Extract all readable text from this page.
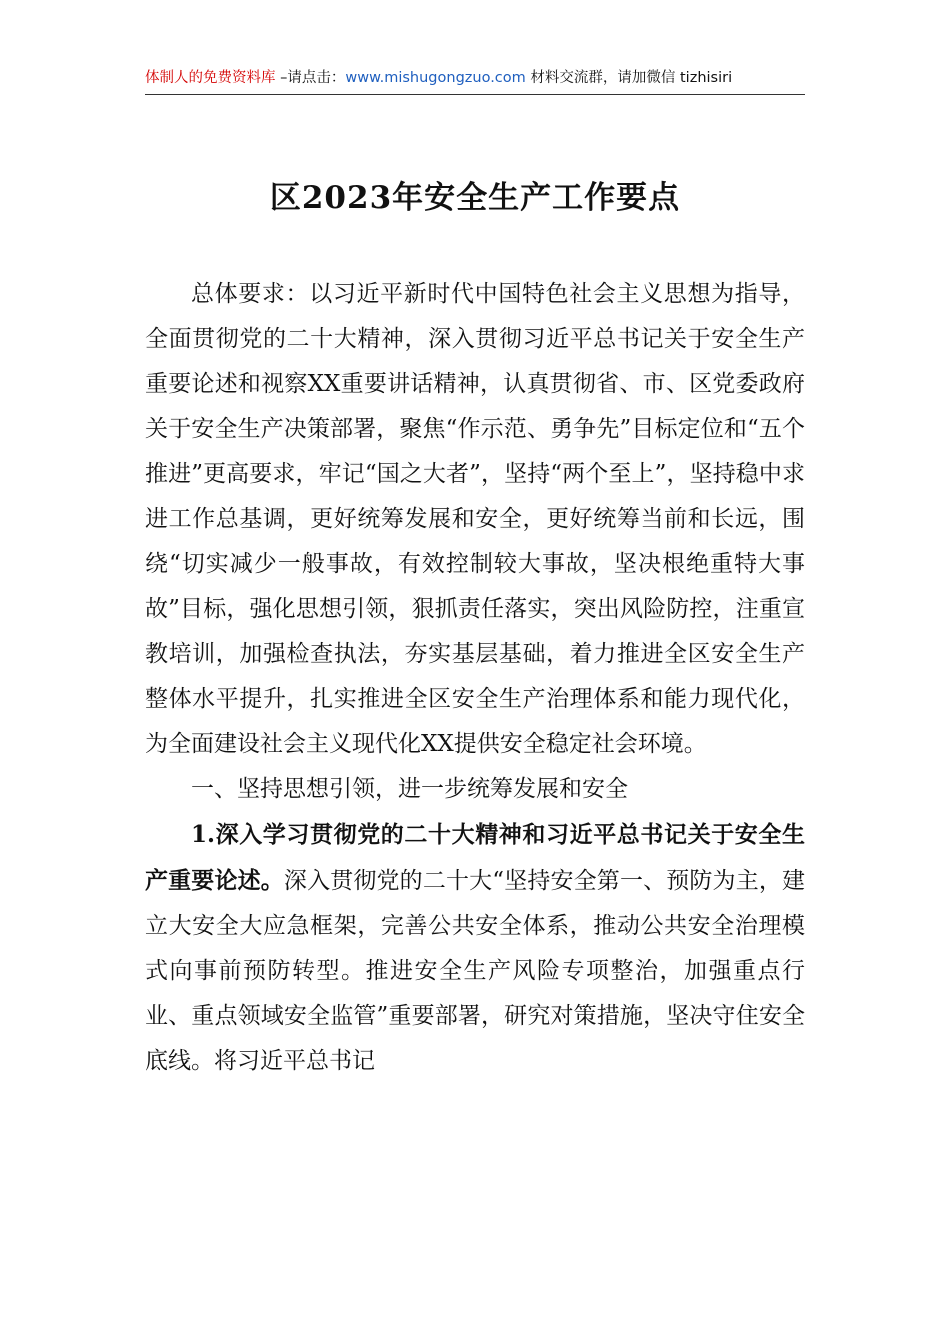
体制人的免费资料库 –请点击：www.mishugongzuo.com 材料交流群，请加微信 tizhisiri
区2023年安全生产工作要点

总体要求：以习近平新时代中国特色社会主义思想为指导，全面贯彻党的二十大精神，深入贯彻习近平总书记关于安全生产重要论述和视察XX重要讲话精神，认真贯彻省、市、区党委政府关于安全生产决策部署，聚焦“作示范、勇争先”目标定位和“五个推进”更高要求，牢记“国之大者”，坚持“两个至上”，坚持稳中求进工作总基调，更好统筹发展和安全，更好统筹当前和长远，围绕“切实减少一般事故，有效控制较大事故，坚决根绝重特大事故”目标，强化思想引领，狠抓责任落实，突出风险防控，注重宣教培训，加强检查执法，夯实基层基础，着力推进全区安全生产整体水平提升，扎实推进全区安全生产治理体系和能力现代化，为全面建设社会主义现代化XX提供安全稳定社会环境。

一、坚持思想引领，进一步统筹发展和安全

1.深入学习贯彻党的二十大精神和习近平总书记关于安全生产重要论述。深入贯彻党的二十大“坚持安全第一、预防为主，建立大安全大应急框架，完善公共安全体系，推动公共安全治理模式向事前预防转型。推进安全生产风险专项整治，加强重点行业、重点领域安全监管”重要部署，研究对策措施，坚决守住安全底线。将习近平总书记
